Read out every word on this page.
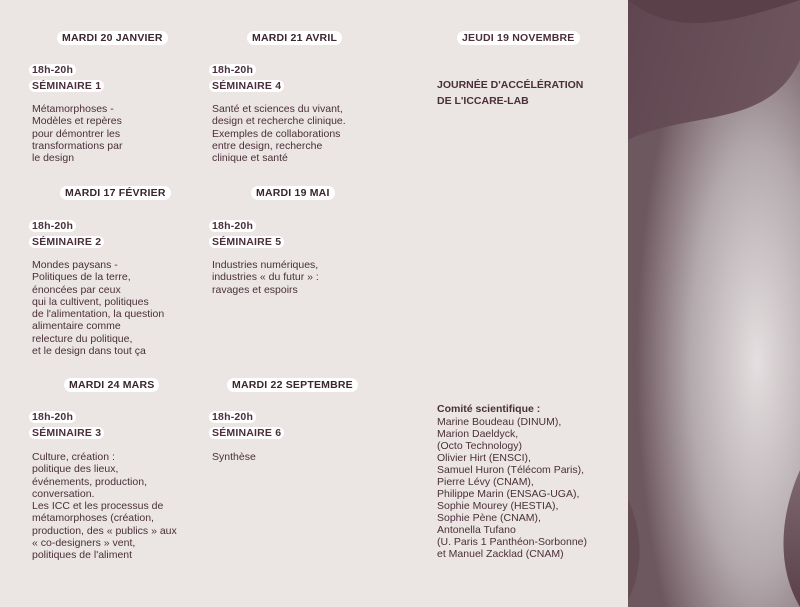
MARDI 20 JANVIER
18h-20h
SÉMINAIRE 1
Métamorphoses -
Modèles et repères
pour démontrer les
transformations par
le design
MARDI 17 FÉVRIER
18h-20h
SÉMINAIRE 2
Mondes paysans -
Politiques de la terre,
énoncées par ceux
qui la cultivent, politiques
de l'alimentation, la question
alimentaire comme
relecture du politique,
et le design dans tout ça
MARDI 24 MARS
18h-20h
SÉMINAIRE 3
Culture, création :
politique des lieux,
événements, production,
conversation.
Les ICC et les processus de
métamorphoses (création,
production, des « publics » aux
« co-designers » vent,
politiques de l'aliment
MARDI 21 AVRIL
18h-20h
SÉMINAIRE 4
Santé et sciences du vivant,
design et recherche clinique.
Exemples de collaborations
entre design, recherche
clinique et santé
MARDI 19 MAI
18h-20h
SÉMINAIRE 5
Industries numériques,
industries « du futur » :
ravages et espoirs
MARDI 22 SEPTEMBRE
18h-20h
SÉMINAIRE 6
Synthèse
JEUDI 19 NOVEMBRE
JOURNÉE D'ACCÉLÉRATION
DE L'ICCARE-LAB
Comité scientifique :
Marine Boudeau (DINUM),
Marion Daeldyck,
(Octo Technology)
Olivier Hirt (ENSCI),
Samuel Huron (Télécom Paris),
Pierre Lévy (CNAM),
Philippe Marin (ENSAG-UGA),
Sophie Mourey (HESTIA),
Sophie Pène (CNAM),
Antonella Tufano
(U. Paris 1 Panthéon-Sorbonne)
et Manuel Zacklad (CNAM)
